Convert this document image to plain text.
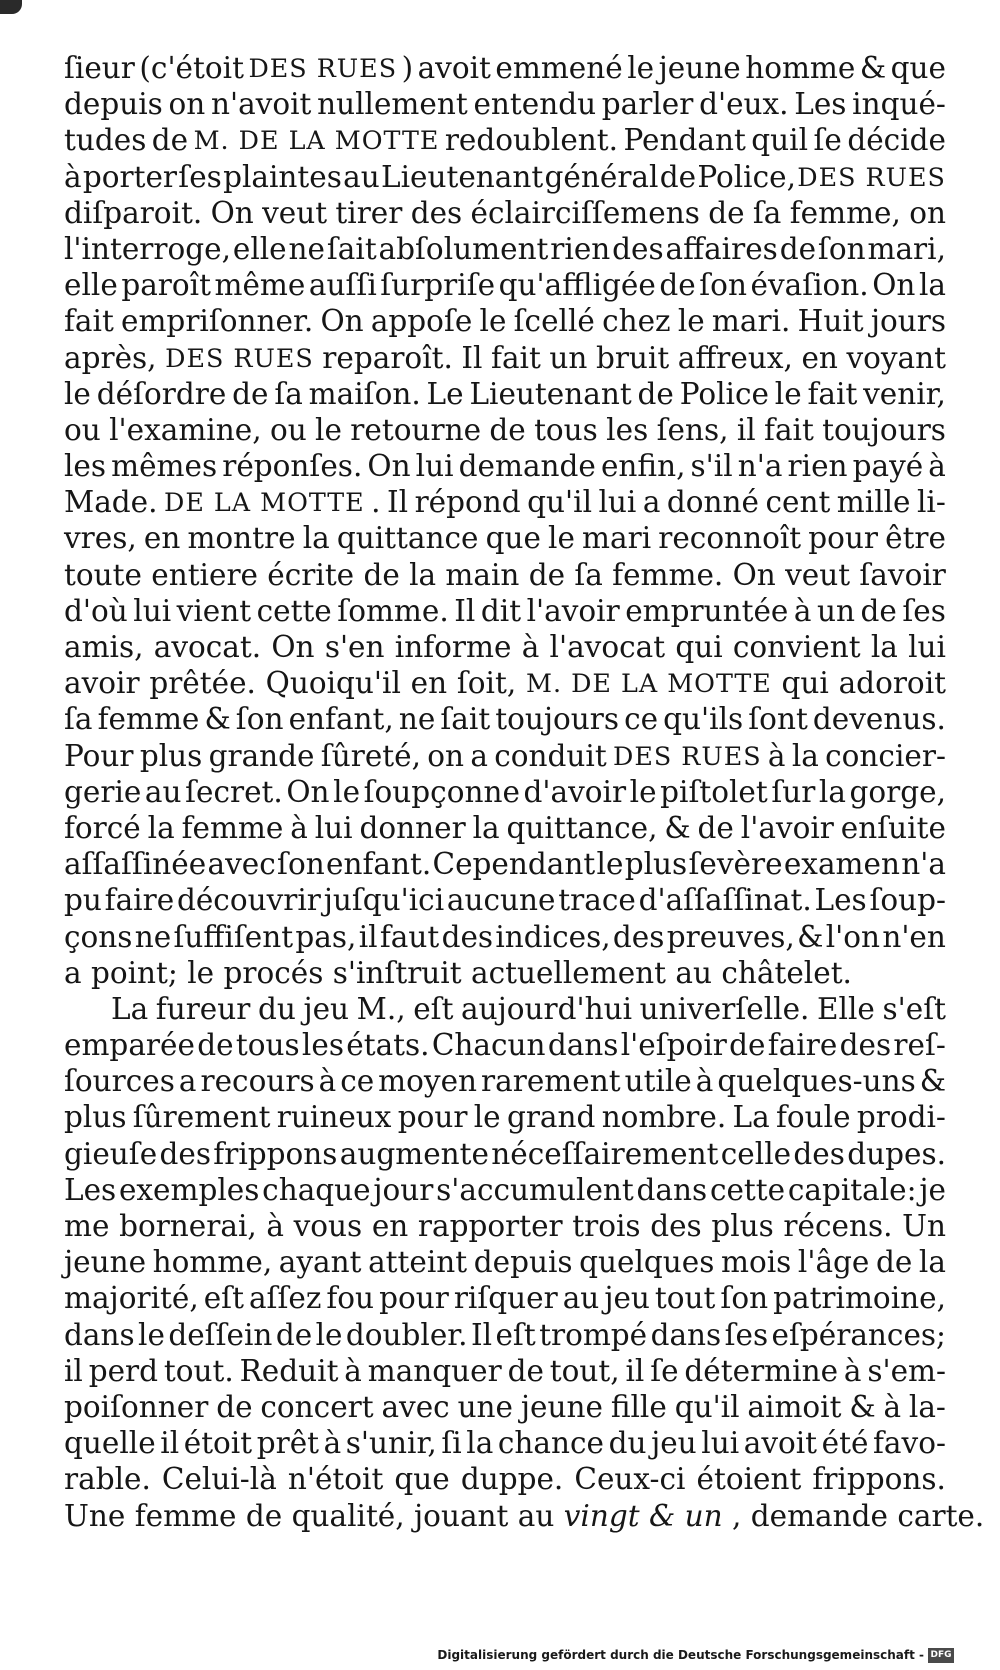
ſieur (c'étoit DES RUES ) avoit emmené le jeune homme & que
depuis on n'avoit nullement entendu parler d'eux. Les inqué-
tudes de M. DE LA MOTTE redoublent. Pendant quil ſe décide
à porter ſes plaintes au Lieutenant général de Police, DES RUES
diſparoit. On veut tirer des éclairciſſemens de ſa femme, on
l'interroge, elle ne ſait abſolument rien des affaires de ſon mari,
elle paroît même auſſi ſurpriſe qu'affligée de ſon évaſion. On la
fait empriſonner. On appoſe le ſcellé chez le mari. Huit jours
après, DES RUES reparoît. Il fait un bruit affreux, en voyant
le déſordre de ſa maiſon. Le Lieutenant de Police le fait venir,
ou l'examine, ou le retourne de tous les ſens, il fait toujours
les mêmes réponſes. On lui demande enfin, s'il n'a rien payé à
Made. DE LA MOTTE . Il répond qu'il lui a donné cent mille li-
vres, en montre la quittance que le mari reconnoît pour être
toute entiere écrite de la main de ſa femme. On veut ſavoir
d'où lui vient cette ſomme. Il dit l'avoir empruntée à un de ſes
amis, avocat. On s'en informe à l'avocat qui convient la lui
avoir prêtée. Quoiqu'il en ſoit, M. DE LA MOTTE qui adoroit
ſa femme & ſon enfant, ne ſait toujours ce qu'ils ſont devenus.
Pour plus grande ſûreté, on a conduit DES RUES à la concier-
gerie au ſecret. On le ſoupçonne d'avoir le piſtolet ſur la gorge,
forcé la femme à lui donner la quittance, & de l'avoir enſuite
aſſaſſinée avec ſon enfant. Cependant le plus ſevère examen n'a
pu faire découvrir juſqu'ici aucune trace d'aſſaſſinat. Les ſoup-
çons ne ſuffiſent pas, il faut des indices, des preuves, & l'on n'en
a point; le procés s'inſtruit actuellement au châtelet.
La fureur du jeu M., eſt aujourd'hui univerſelle. Elle s'eſt
emparée de tous les états. Chacun dans l'eſpoir de faire des reſ-
ſources a recours à ce moyen rarement utile à quelques-uns &
plus ſûrement ruineux pour le grand nombre. La foule prodi-
gieuſe des frippons augmente néceſſairement celle des dupes.
Les exemples chaque jour s'accumulent dans cette capitale: je
me bornerai, à vous en rapporter trois des plus récens. Un
jeune homme, ayant atteint depuis quelques mois l'âge de la
majorité, eſt aſſez fou pour riſquer au jeu tout ſon patrimoine,
dans le deſſein de le doubler. Il eſt trompé dans ſes eſpérances;
il perd tout. Reduit à manquer de tout, il ſe détermine à s'em-
poiſonner de concert avec une jeune fille qu'il aimoit & à la-
quelle il étoit prêt à s'unir, ſi la chance du jeu lui avoit été favo-
rable. Celui-là n'étoit que duppe. Ceux-ci étoient frippons.
Une femme de qualité, jouant au vingt & un , demande carte.
Digitalisierung gefördert durch die Deutsche Forschungsgemeinschaft - DFG
